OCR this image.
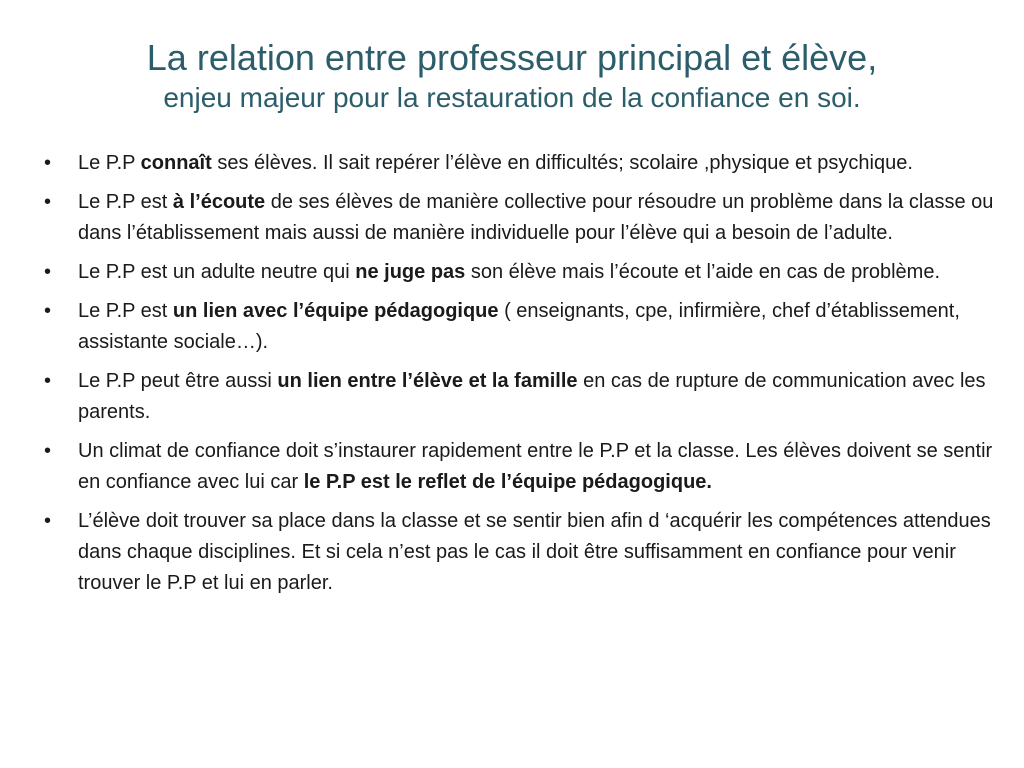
La relation entre professeur principal et élève,

enjeu majeur pour la restauration de la confiance en soi.

•	Le P.P connaît ses élèves. Il sait repérer l’élève en difficultés; scolaire ,physique et psychique.
•	Le P.P est à l’écoute de ses élèves de manière collective pour résoudre un problème dans la classe ou dans l’établissement mais aussi de manière individuelle pour l’élève qui a besoin de l’adulte.
•	Le P.P est un adulte neutre qui ne juge pas son élève mais l’écoute et l’aide en cas de problème.
•	Le P.P est un lien avec l’équipe pédagogique ( enseignants, cpe, infirmière, chef d’établissement, assistante sociale…).
•	Le P.P peut être aussi un lien entre l’élève et la famille en cas de rupture de communication avec les parents.
•	Un climat de confiance doit s’instaurer rapidement entre le P.P et la classe. Les élèves doivent se sentir en confiance avec lui car le P.P est le reflet de l’équipe pédagogique.
•	L’élève doit trouver sa place dans la classe et se sentir bien afin d ‘acquérir les compétences attendues dans chaque disciplines. Et si cela n’est pas le cas il doit être suffisamment en confiance pour venir trouver le P.P et lui en parler.
